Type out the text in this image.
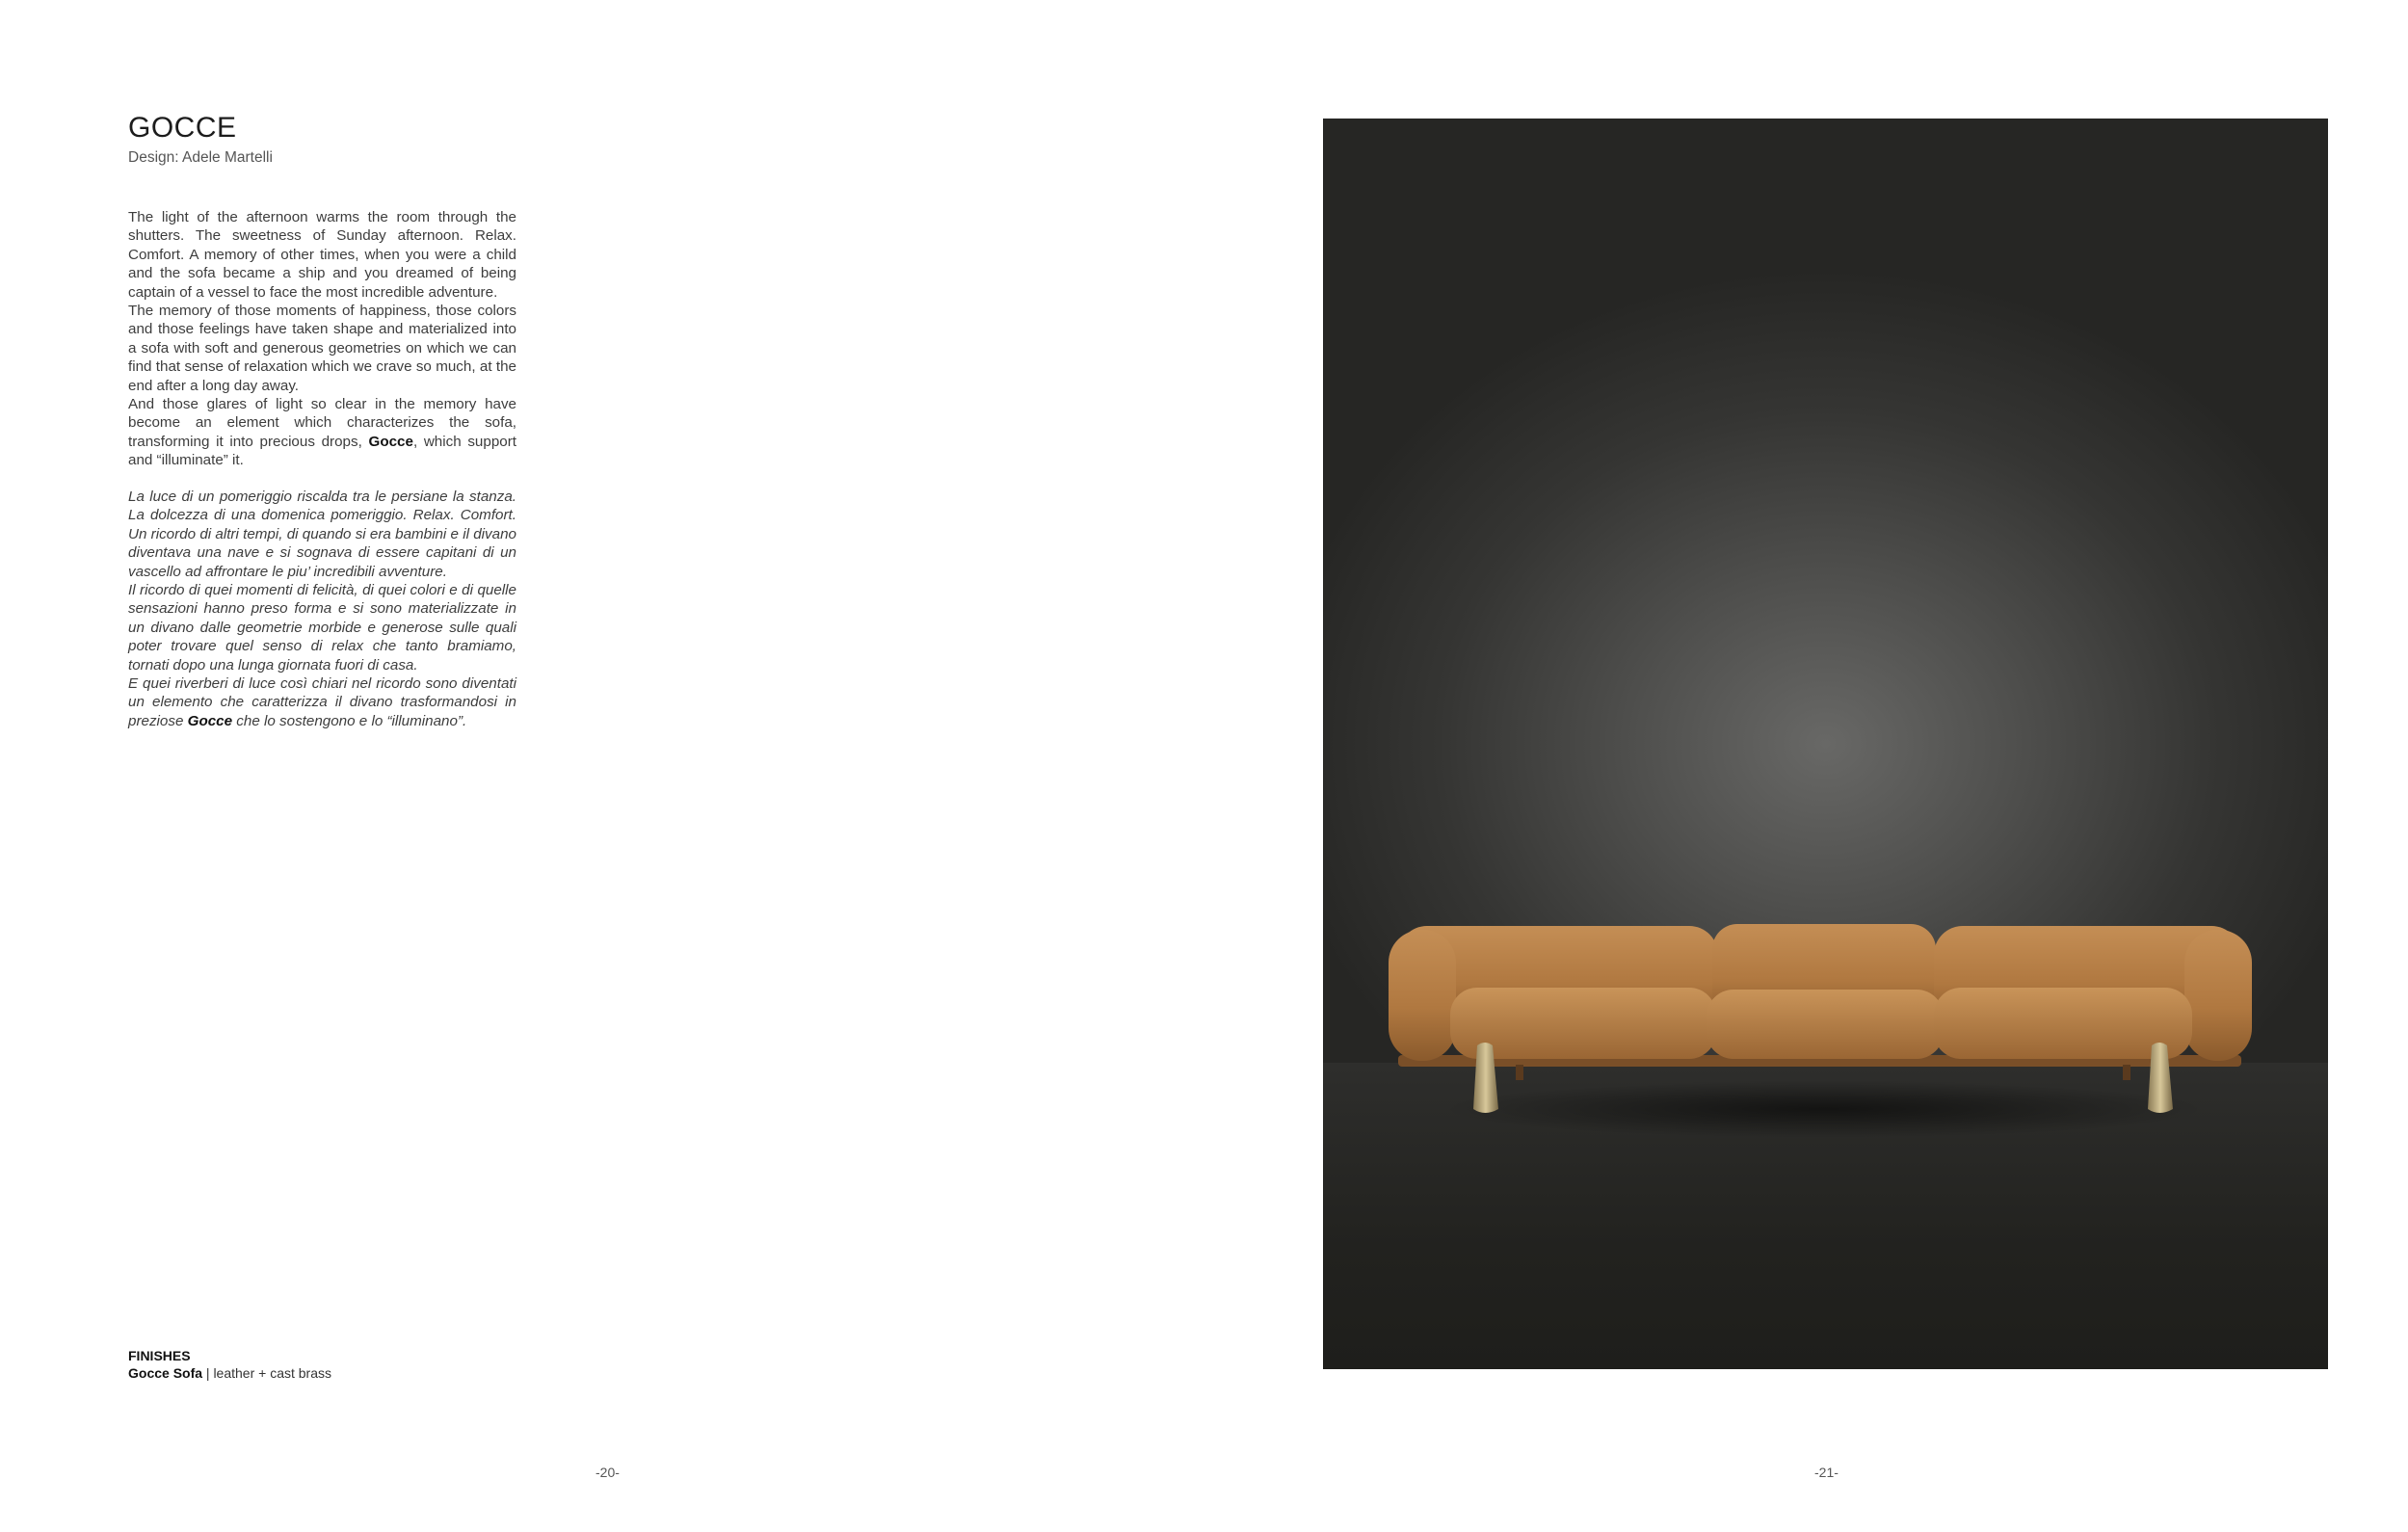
GOCCE

Design: Adele Martelli

The light of the afternoon warms the room through the shutters. The sweetness of Sunday afternoon. Relax. Comfort. A memory of other times, when you were a child and the sofa became a ship and you dreamed of being captain of a vessel to face the most incredible adventure.

The memory of those moments of happiness, those colors and those feelings have taken shape and materialized into a sofa with soft and generous geometries on which we can find that sense of relaxation which we crave so much, at the end after a long day away.

And those glares of light so clear in the memory have become an element which characterizes the sofa, transforming it into precious drops, Gocce, which support and “illuminate” it.

La luce di un pomeriggio riscalda tra le persiane la stanza. La dolcezza di una domenica pomeriggio. Relax. Comfort. Un ricordo di altri tempi, di quando si era bambini e il divano diventava una nave e si sognava di essere capitani di un vascello ad affrontare le piu’ incredibili avventure.

Il ricordo di quei momenti di felicità, di quei colori e di quelle sensazioni hanno preso forma e si sono materializzate in un divano dalle geometrie morbide e generose sulle quali poter trovare quel senso di relax che tanto bramiamo, tornati dopo una lunga giornata fuori di casa.

E quei riverberi di luce così chiari nel ricordo sono diventati un elemento che caratterizza il divano trasformandosi in preziose Gocce che lo sostengono e lo “illuminano”.

FINISHES
Gocce Sofa | leather + cast brass
-20-	-21-
